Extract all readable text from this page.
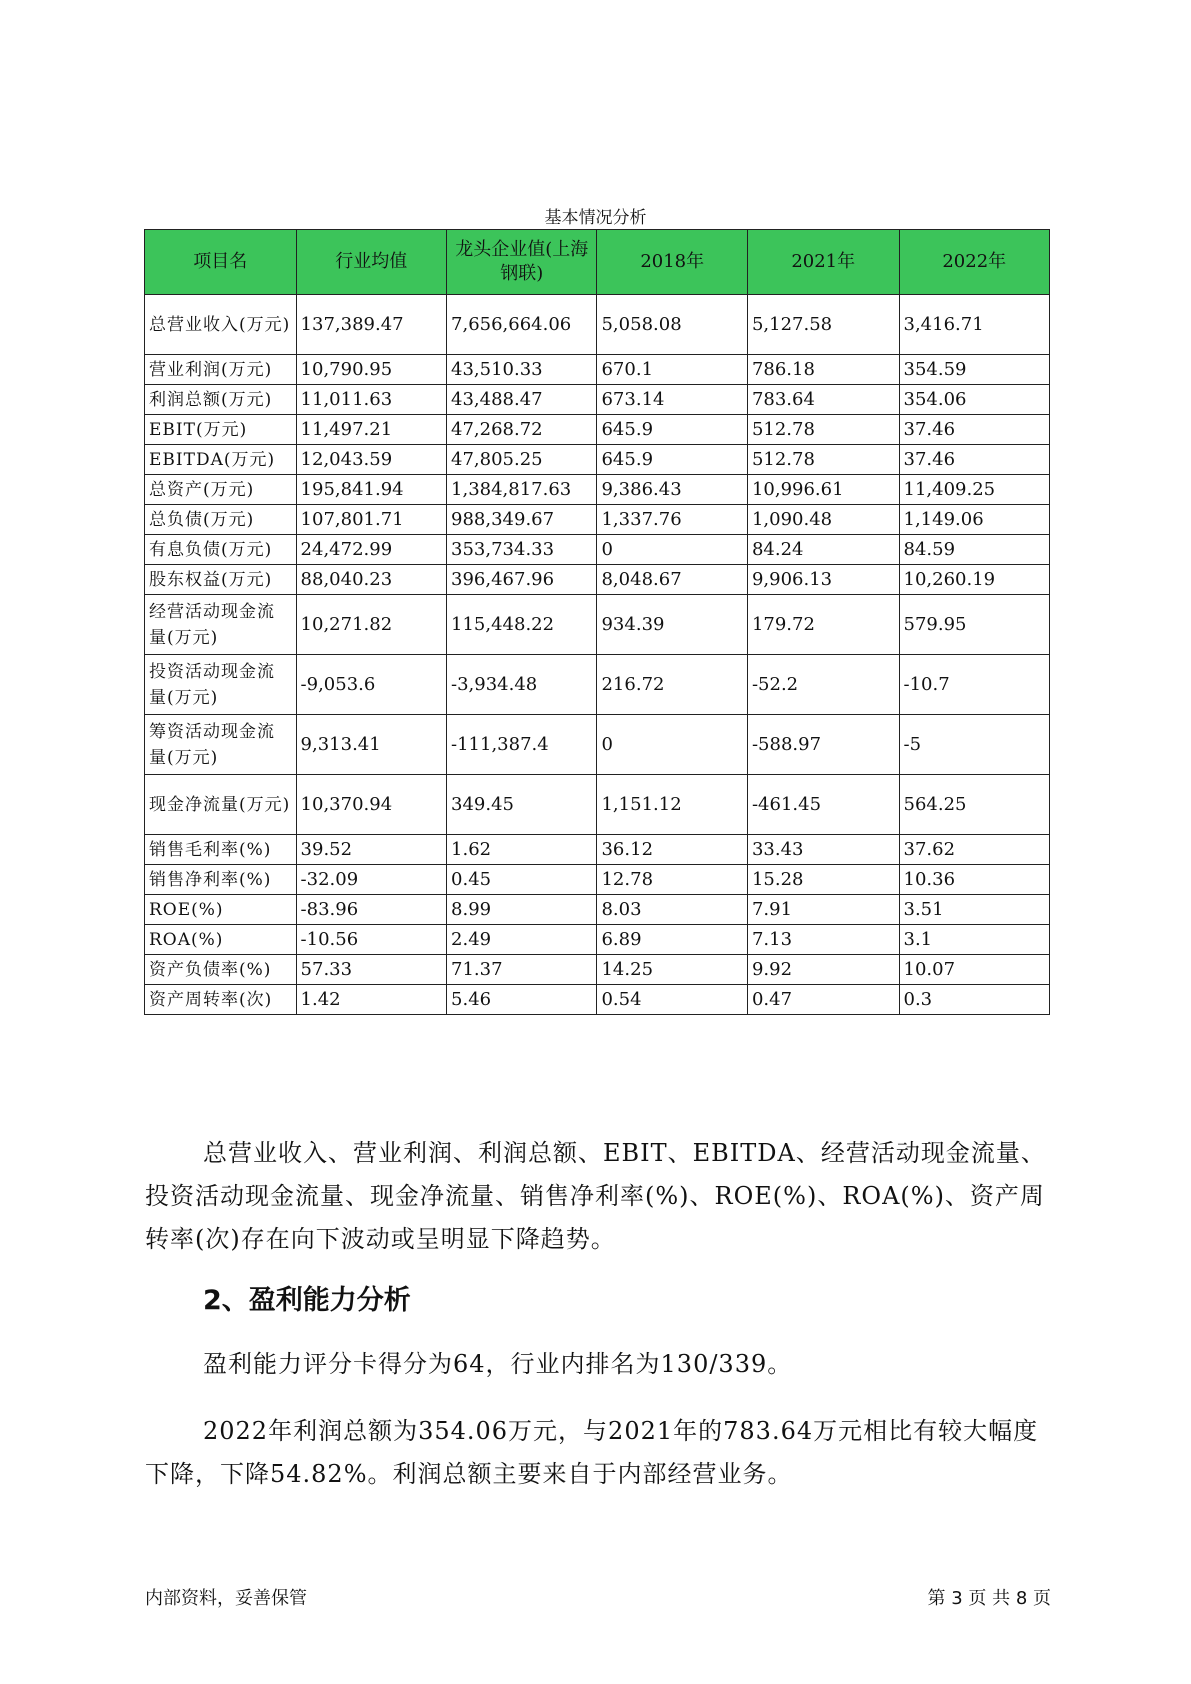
基本情况分析
项目名	行业均值	龙头企业值(上海钢联)	2018年	2021年	2022年
总营业收入(万元)	137,389.47	7,656,664.06	5,058.08	5,127.58	3,416.71
营业利润(万元)	10,790.95	43,510.33	670.1	786.18	354.59
利润总额(万元)	11,011.63	43,488.47	673.14	783.64	354.06
EBIT(万元)	11,497.21	47,268.72	645.9	512.78	37.46
EBITDA(万元)	12,043.59	47,805.25	645.9	512.78	37.46
总资产(万元)	195,841.94	1,384,817.63	9,386.43	10,996.61	11,409.25
总负债(万元)	107,801.71	988,349.67	1,337.76	1,090.48	1,149.06
有息负债(万元)	24,472.99	353,734.33	0	84.24	84.59
股东权益(万元)	88,040.23	396,467.96	8,048.67	9,906.13	10,260.19
经营活动现金流量(万元)	10,271.82	115,448.22	934.39	179.72	579.95
投资活动现金流量(万元)	-9,053.6	-3,934.48	216.72	-52.2	-10.7
筹资活动现金流量(万元)	9,313.41	-111,387.4	0	-588.97	-5
现金净流量(万元)	10,370.94	349.45	1,151.12	-461.45	564.25
销售毛利率(%)	39.52	1.62	36.12	33.43	37.62
销售净利率(%)	-32.09	0.45	12.78	15.28	10.36
ROE(%)	-83.96	8.99	8.03	7.91	3.51
ROA(%)	-10.56	2.49	6.89	7.13	3.1
资产负债率(%)	57.33	71.37	14.25	9.92	10.07
资产周转率(次)	1.42	5.46	0.54	0.47	0.3
总营业收入、营业利润、利润总额、EBIT、EBITDA、经营活动现金流量、投资活动现金流量、现金净流量、销售净利率(%)、ROE(%)、ROA(%)、资产周转率(次)存在向下波动或呈明显下降趋势。
2、盈利能力分析
盈利能力评分卡得分为64，行业内排名为130/339。
2022年利润总额为354.06万元，与2021年的783.64万元相比有较大幅度下降，下降54.82%。利润总额主要来自于内部经营业务。
内部资料，妥善保管	第 3 页 共 8 页
